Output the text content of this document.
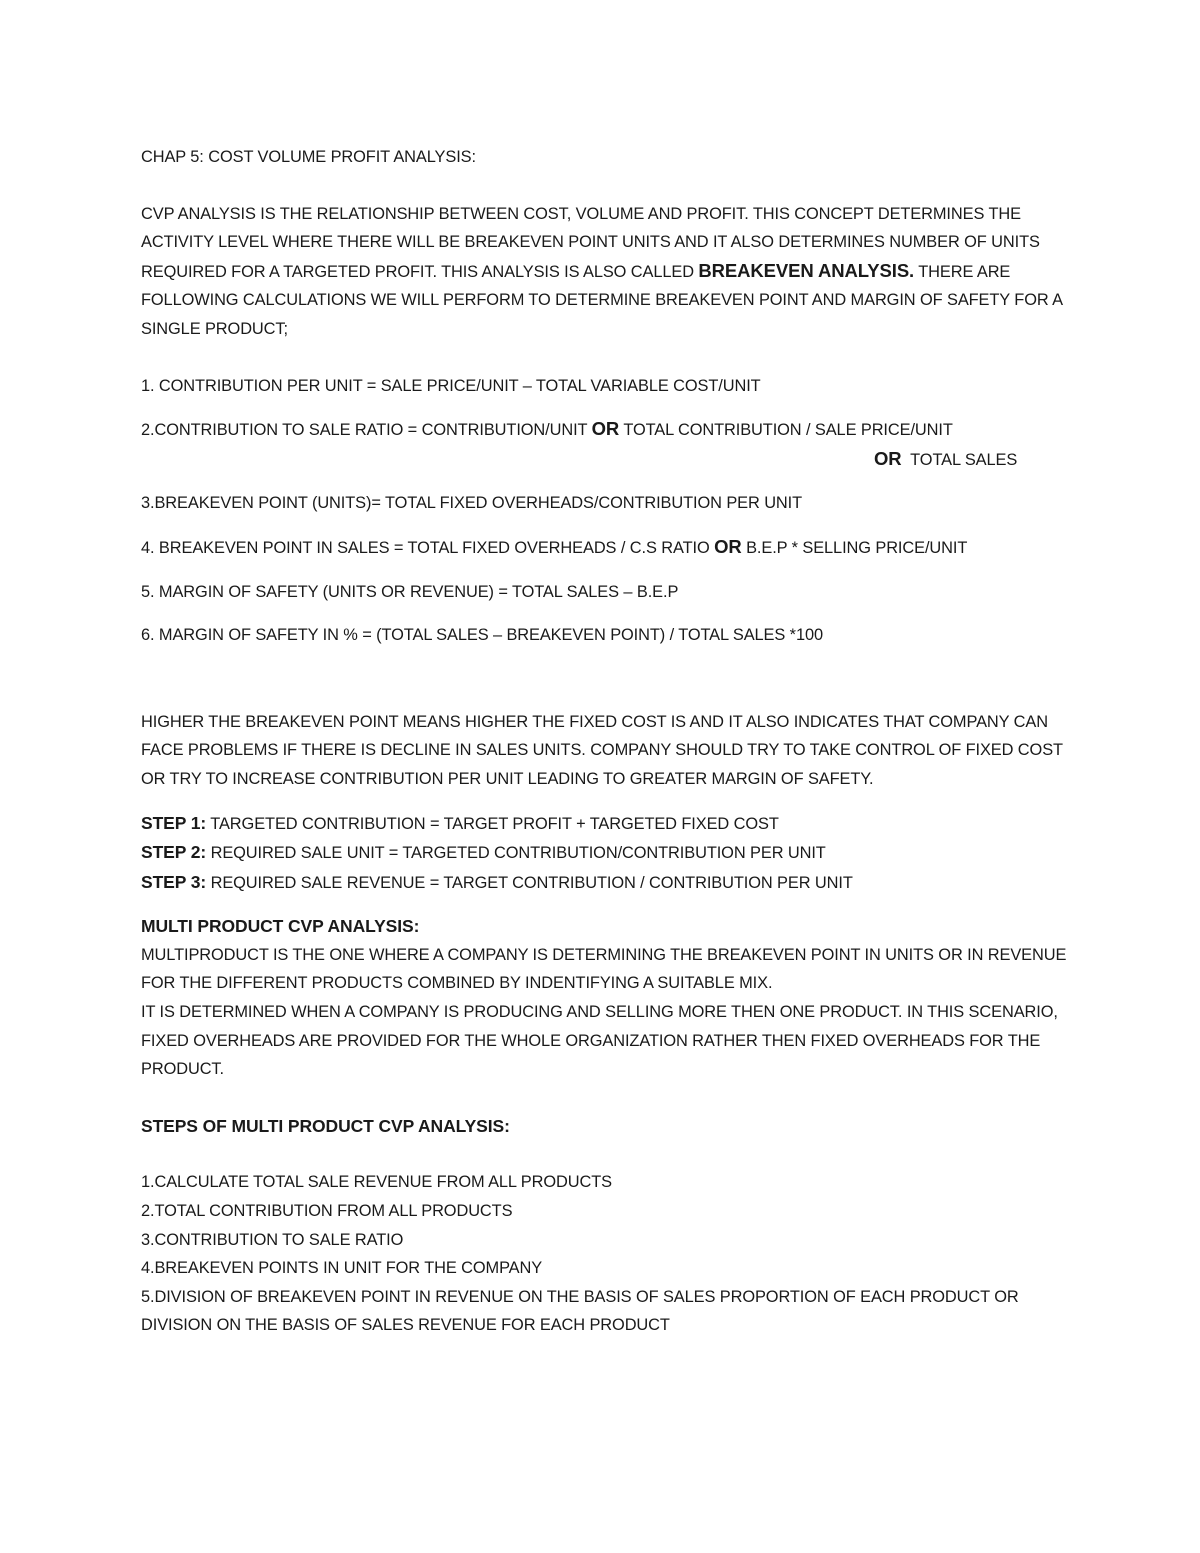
CHAP 5: COST VOLUME PROFIT ANALYSIS:

CVP ANALYSIS IS THE RELATIONSHIP BETWEEN COST, VOLUME AND PROFIT. THIS CONCEPT DETERMINES THE ACTIVITY LEVEL WHERE THERE WILL BE BREAKEVEN POINT UNITS AND IT ALSO DETERMINES NUMBER OF UNITS REQUIRED FOR A TARGETED PROFIT. THIS ANALYSIS IS ALSO CALLED BREAKEVEN ANALYSIS. THERE ARE FOLLOWING CALCULATIONS WE WILL PERFORM TO DETERMINE BREAKEVEN POINT AND MARGIN OF SAFETY FOR A SINGLE PRODUCT;

1. CONTRIBUTION PER UNIT = SALE PRICE/UNIT – TOTAL VARIABLE COST/UNIT

2.CONTRIBUTION TO SALE RATIO = CONTRIBUTION/UNIT OR TOTAL CONTRIBUTION / SALE PRICE/UNIT
OR  TOTAL SALES

3.BREAKEVEN POINT (UNITS)= TOTAL FIXED OVERHEADS/CONTRIBUTION PER UNIT

4. BREAKEVEN POINT IN SALES = TOTAL FIXED OVERHEADS / C.S RATIO OR B.E.P * SELLING PRICE/UNIT

5. MARGIN OF SAFETY (UNITS OR REVENUE) = TOTAL SALES – B.E.P

6. MARGIN OF SAFETY IN % = (TOTAL SALES – BREAKEVEN POINT) / TOTAL SALES *100

HIGHER THE BREAKEVEN POINT MEANS HIGHER THE FIXED COST IS AND IT ALSO INDICATES THAT COMPANY CAN FACE PROBLEMS IF THERE IS DECLINE IN SALES UNITS. COMPANY SHOULD TRY TO TAKE CONTROL OF FIXED COST OR TRY TO INCREASE CONTRIBUTION PER UNIT LEADING TO GREATER MARGIN OF SAFETY.

STEP 1: TARGETED CONTRIBUTION = TARGET PROFIT + TARGETED FIXED COST

STEP 2: REQUIRED SALE UNIT = TARGETED CONTRIBUTION/CONTRIBUTION PER UNIT

STEP 3: REQUIRED SALE REVENUE = TARGET CONTRIBUTION / CONTRIBUTION PER UNIT

MULTI PRODUCT CVP ANALYSIS:

MULTIPRODUCT IS THE ONE WHERE A COMPANY IS DETERMINING THE BREAKEVEN POINT IN UNITS OR IN REVENUE FOR THE DIFFERENT PRODUCTS COMBINED BY INDENTIFYING A SUITABLE MIX.

IT IS DETERMINED WHEN A COMPANY IS PRODUCING AND SELLING MORE THEN ONE PRODUCT. IN THIS SCENARIO, FIXED OVERHEADS ARE PROVIDED FOR THE WHOLE ORGANIZATION RATHER THEN FIXED OVERHEADS FOR THE PRODUCT.

STEPS OF MULTI PRODUCT CVP ANALYSIS:

1.CALCULATE TOTAL SALE REVENUE FROM ALL PRODUCTS

2.TOTAL CONTRIBUTION FROM ALL PRODUCTS

3.CONTRIBUTION TO SALE RATIO

4.BREAKEVEN POINTS IN UNIT FOR THE COMPANY

5.DIVISION OF BREAKEVEN POINT IN REVENUE ON THE BASIS OF SALES PROPORTION OF EACH PRODUCT OR DIVISION ON THE BASIS OF SALES REVENUE FOR EACH PRODUCT
